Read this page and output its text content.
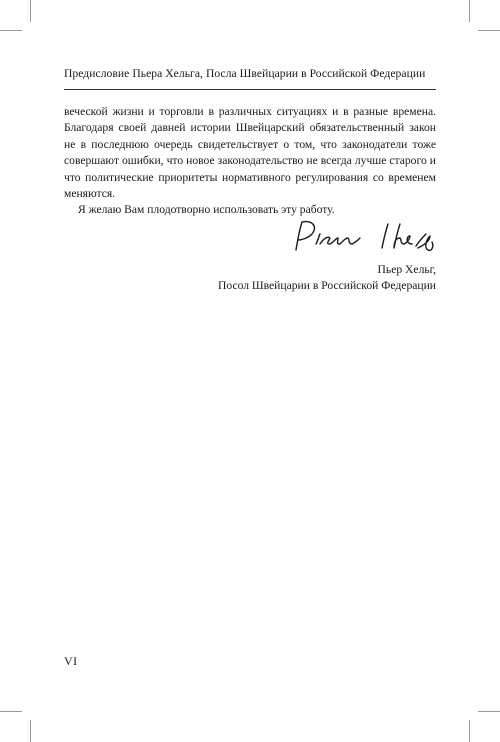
Предисловие Пьера Хельга, Посла Швейцарии в Российской Федерации

веческой жизни и торговли в различных ситуациях и в разные времена. Благодаря своей давней истории Швейцарский обязательственный закон не в последнюю очередь свидетельствует о том, что законодатели тоже совершают ошибки, что новое законодательство не всегда лучше старого и что политические приоритеты нормативного регулирования со временем меняются.

Я желаю Вам плодотворно использовать эту работу.

Пьер Хельг,
Посол Швейцарии в Российской Федерации
VI
